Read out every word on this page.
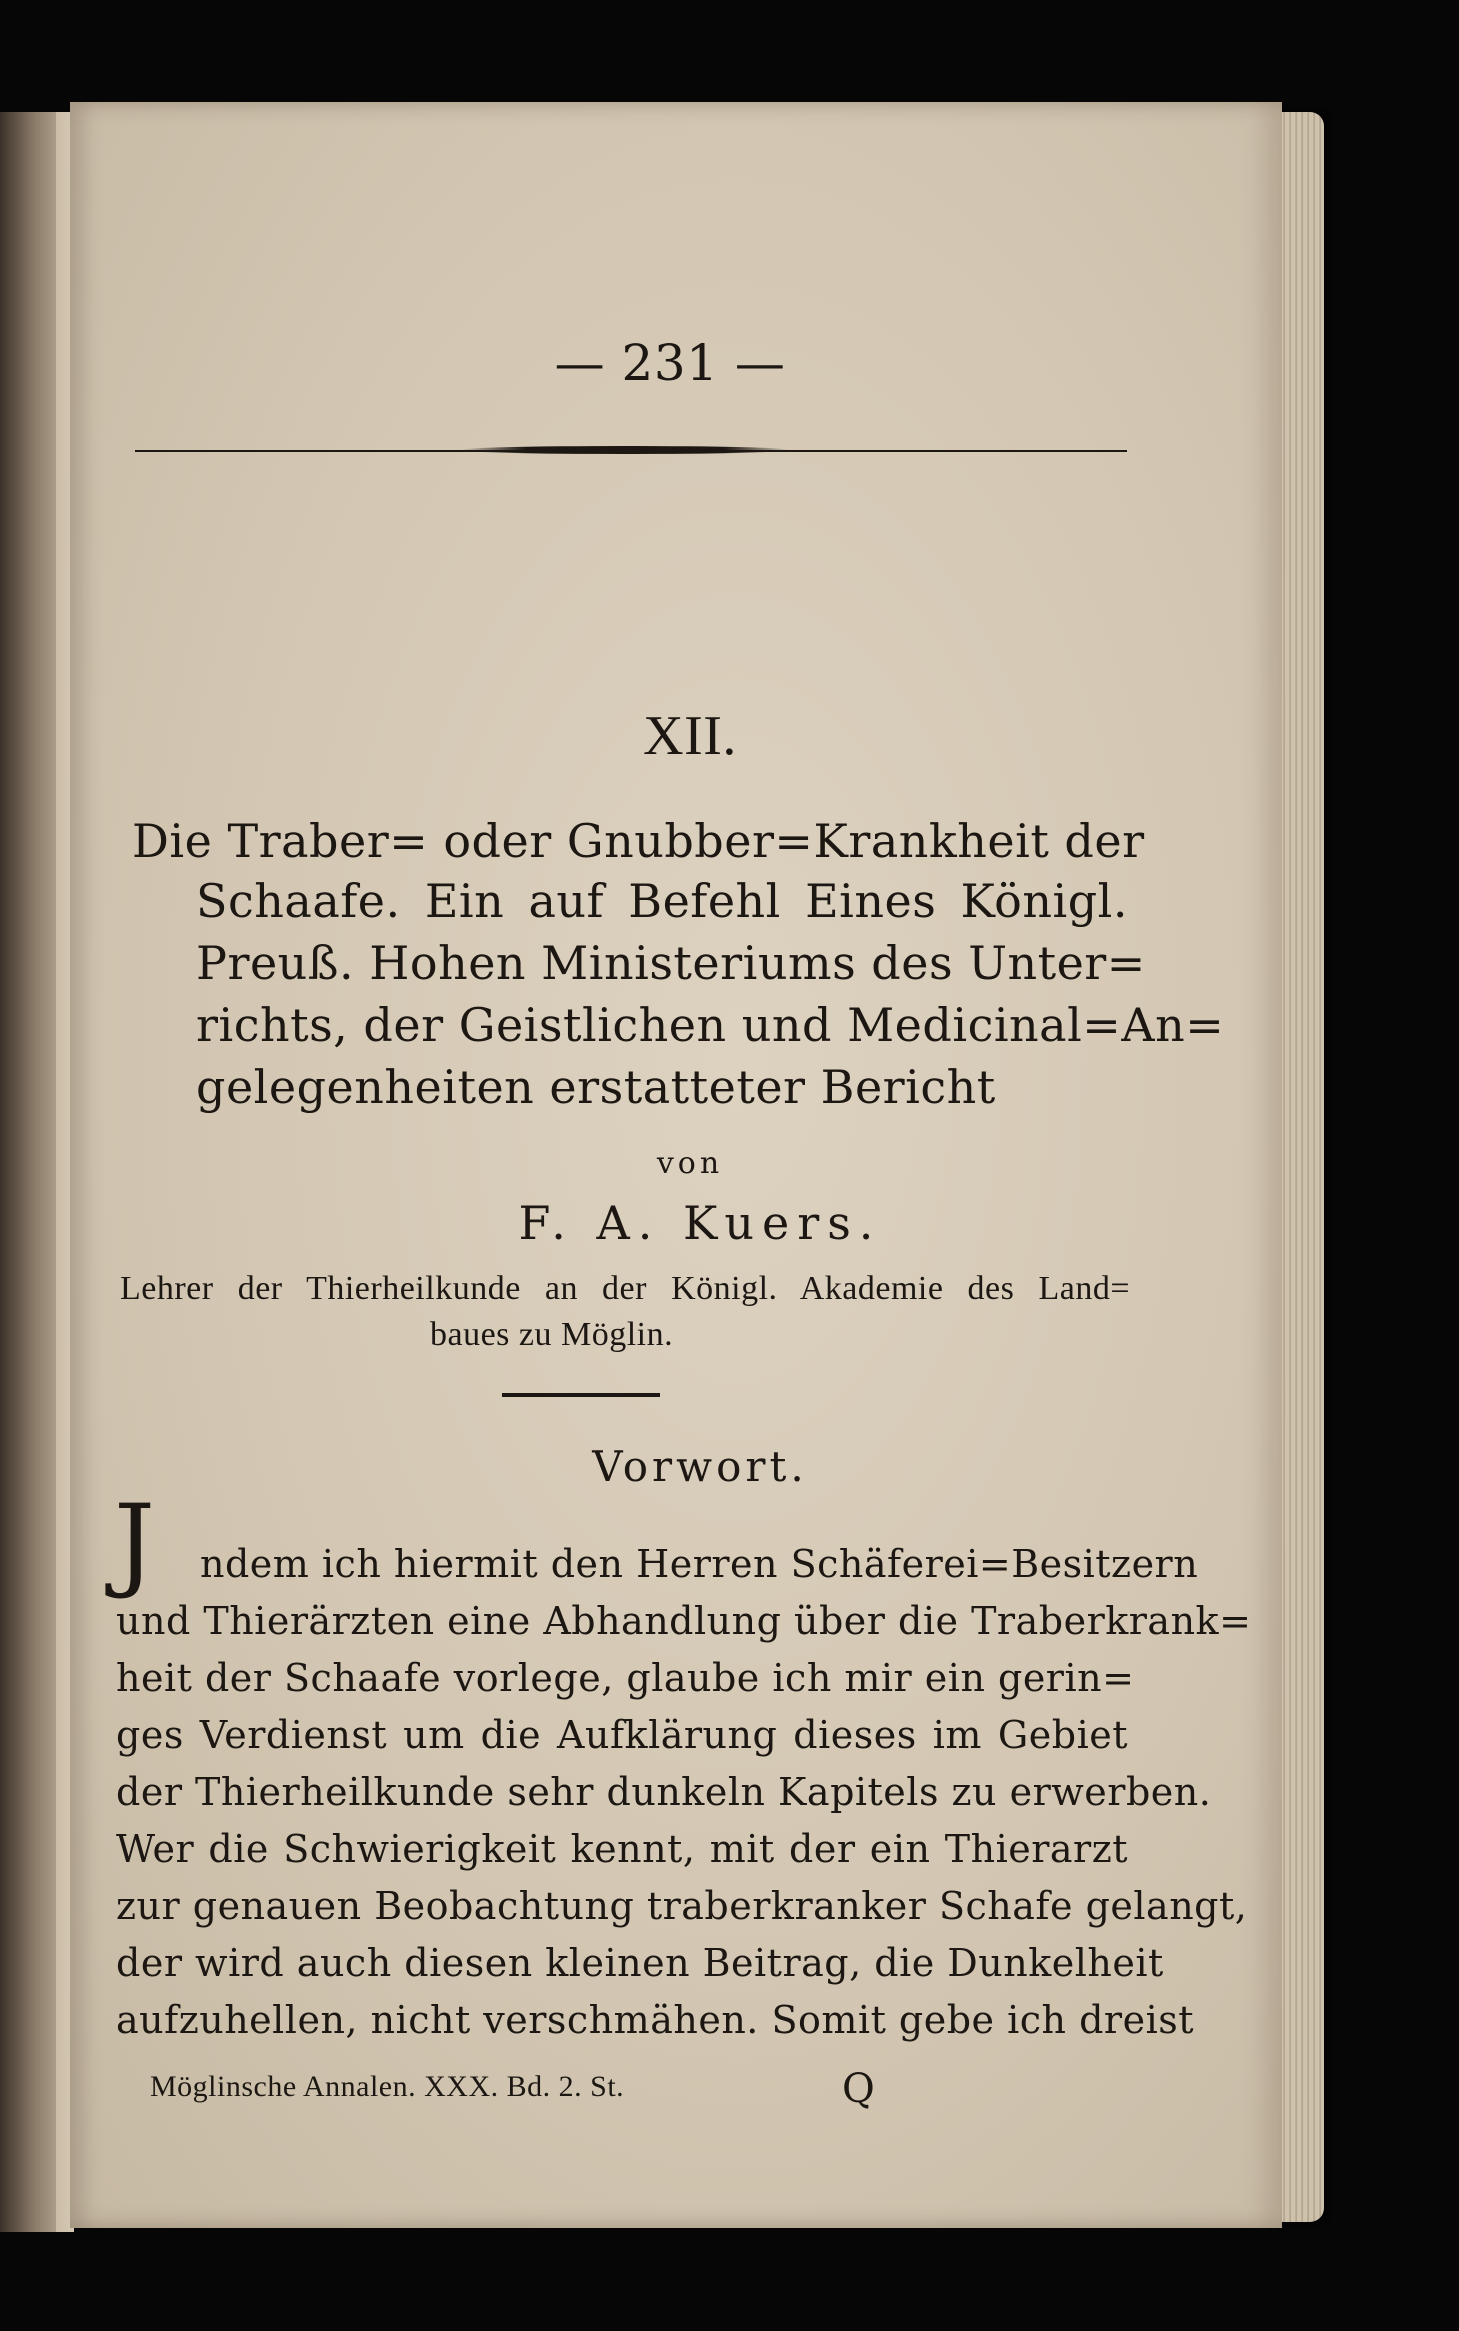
— 231 —
XII.
Die Traber= oder Gnubber=Krankheit der
Schaafe. Ein auf Befehl Eines Königl.
Preuß. Hohen Ministeriums des Unter=
richts, der Geistlichen und Medicinal=An=
gelegenheiten erstatteter Bericht
von
F. A. Kuers.
Lehrer der Thierheilkunde an der Königl. Akademie des Land=
baues zu Möglin.
Vorwort.
J	ndem ich hiermit den Herren Schäferei=Besitzern
und Thierärzten eine Abhandlung über die Traberkrank=
heit der Schaafe vorlege, glaube ich mir ein gerin=
ges Verdienst um die Aufklärung dieses im Gebiet
der Thierheilkunde sehr dunkeln Kapitels zu erwerben.
Wer die Schwierigkeit kennt, mit der ein Thierarzt
zur genauen Beobachtung traberkranker Schafe gelangt,
der wird auch diesen kleinen Beitrag, die Dunkelheit
aufzuhellen, nicht verschmähen. Somit gebe ich dreist
Möglinsche Annalen. XXX. Bd. 2. St.	Q
